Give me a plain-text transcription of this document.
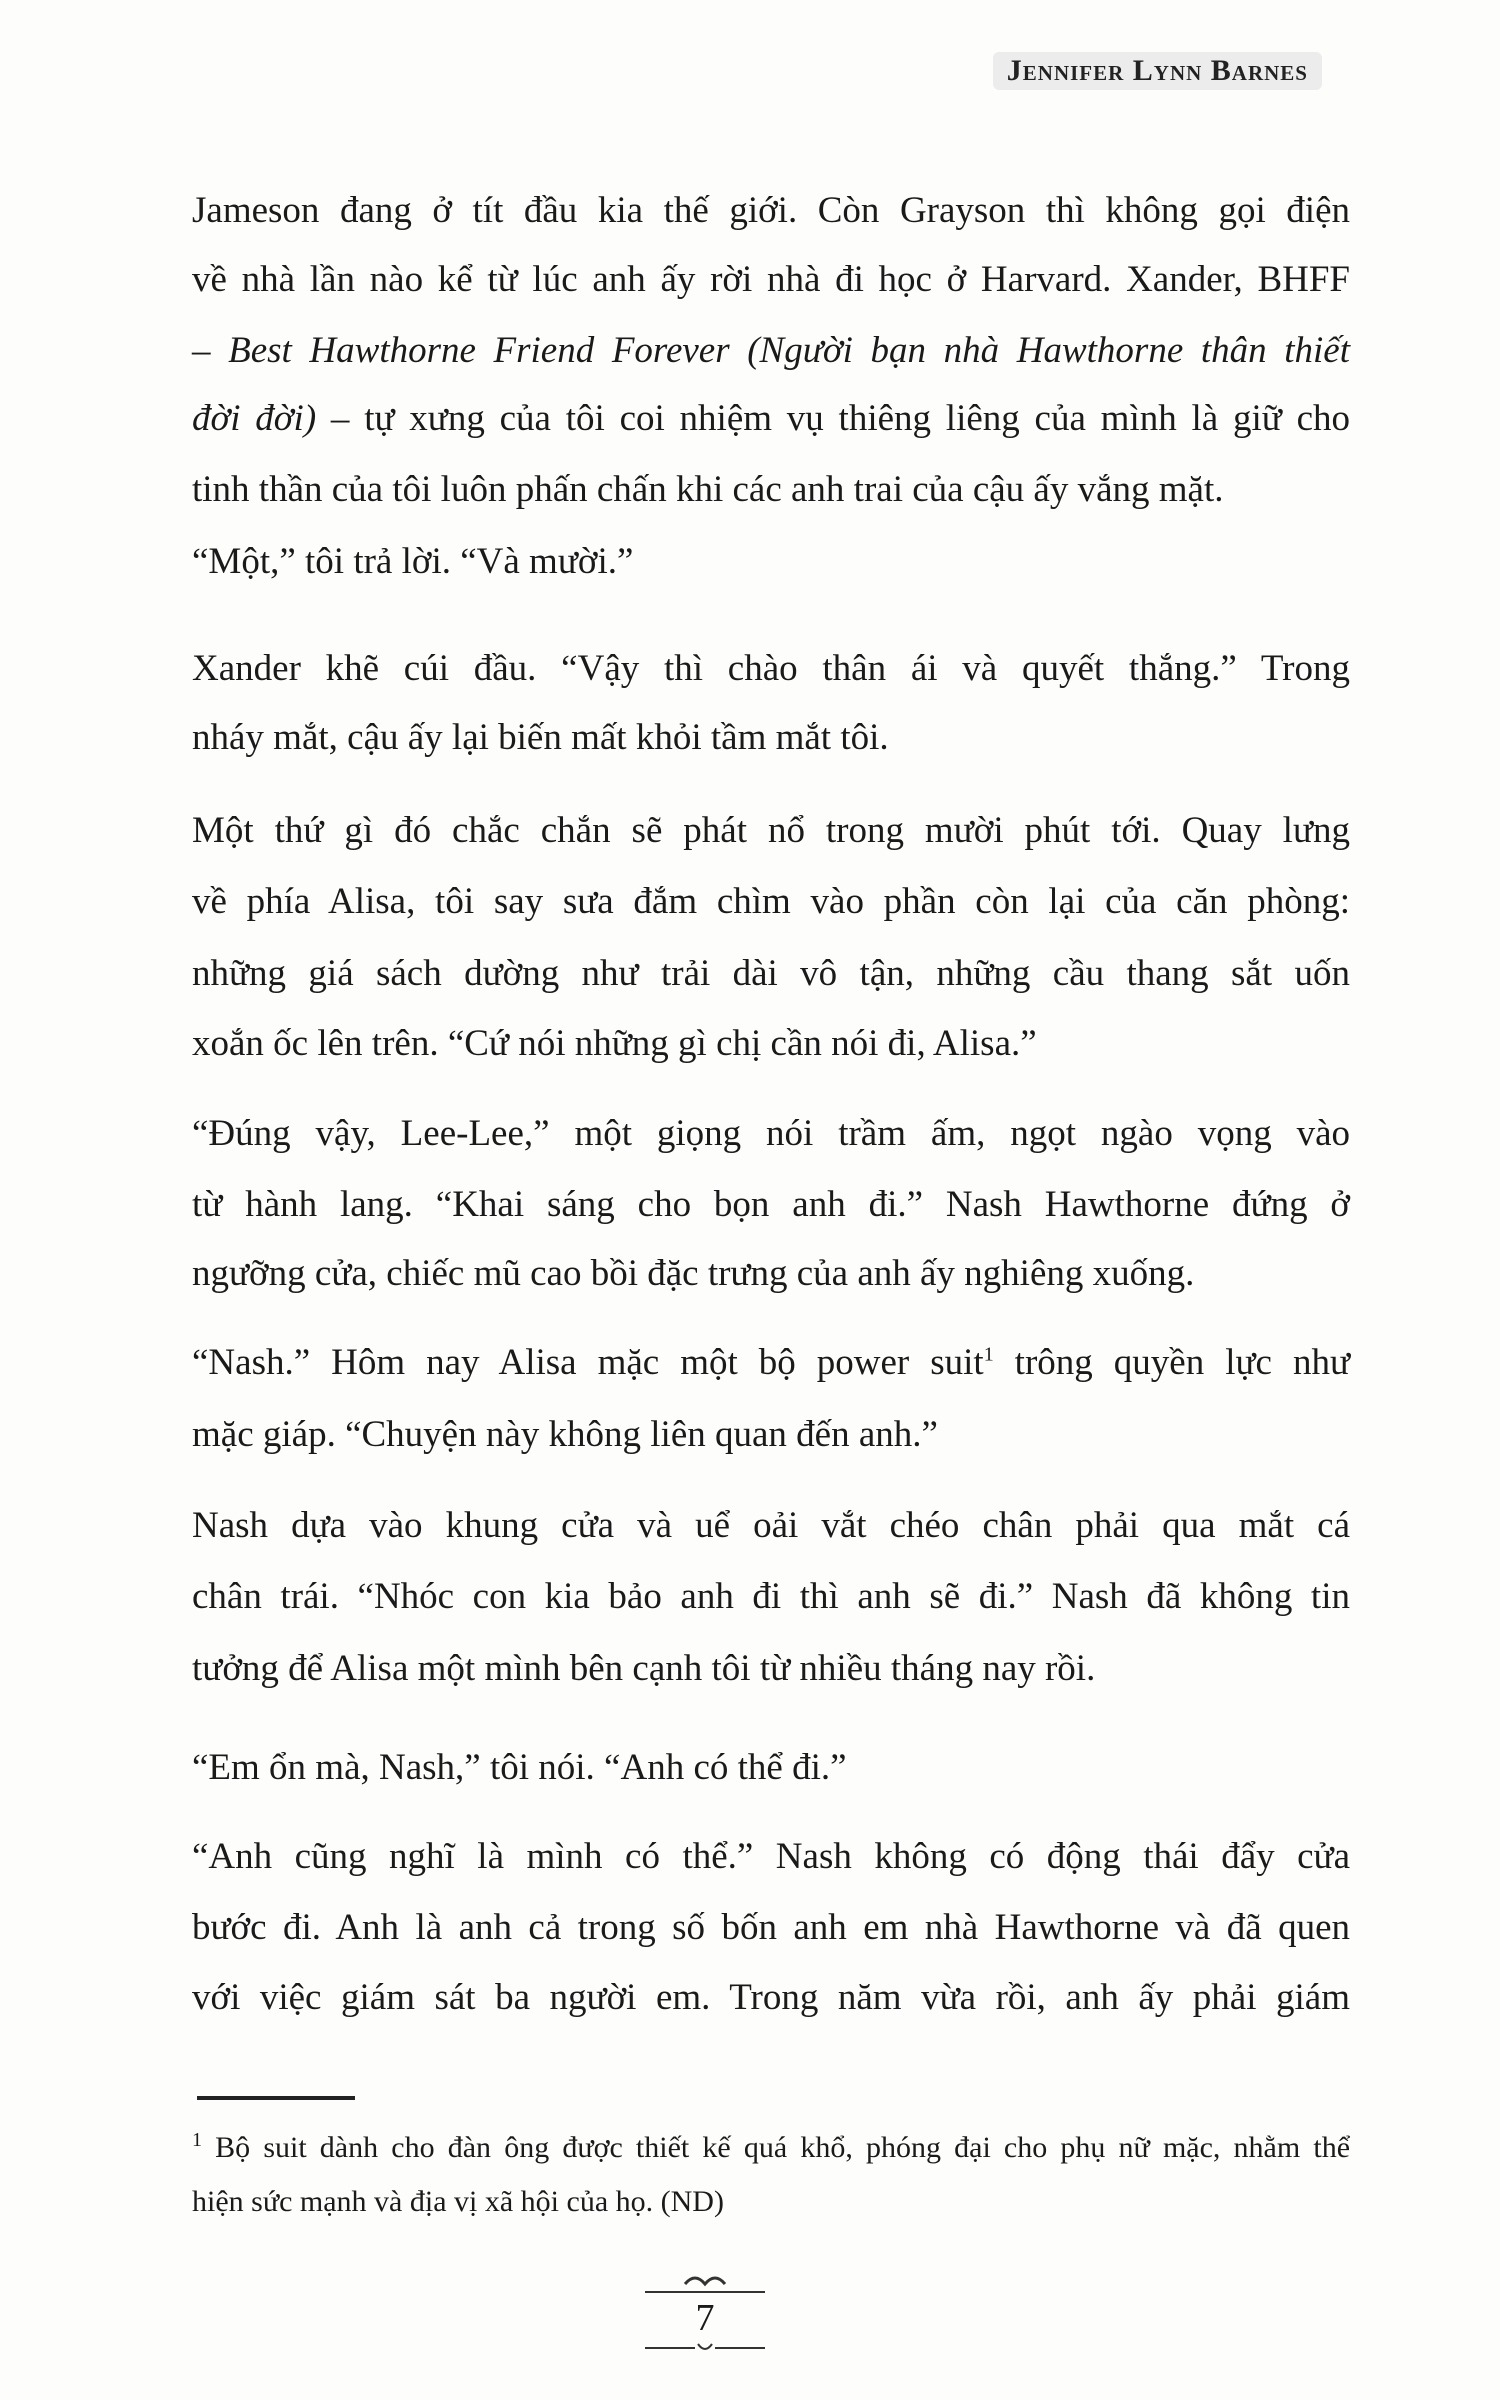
Jennifer Lynn Barnes
Jameson đang ở tít đầu kia thế giới. Còn Grayson thì không gọi điện
về nhà lần nào kể từ lúc anh ấy rời nhà đi học ở Harvard. Xander, BHFF
– Best Hawthorne Friend Forever (Người bạn nhà Hawthorne thân thiết
đời đời) – tự xưng của tôi coi nhiệm vụ thiêng liêng của mình là giữ cho
tinh thần của tôi luôn phấn chấn khi các anh trai của cậu ấy vắng mặt.
“Một,” tôi trả lời. “Và mười.”
Xander khẽ cúi đầu. “Vậy thì chào thân ái và quyết thắng.” Trong
nháy mắt, cậu ấy lại biến mất khỏi tầm mắt tôi.
Một thứ gì đó chắc chắn sẽ phát nổ trong mười phút tới. Quay lưng
về phía Alisa, tôi say sưa đắm chìm vào phần còn lại của căn phòng:
những giá sách dường như trải dài vô tận, những cầu thang sắt uốn
xoắn ốc lên trên. “Cứ nói những gì chị cần nói đi, Alisa.”
“Đúng vậy, Lee-Lee,” một giọng nói trầm ấm, ngọt ngào vọng vào
từ hành lang. “Khai sáng cho bọn anh đi.” Nash Hawthorne đứng ở
ngưỡng cửa, chiếc mũ cao bồi đặc trưng của anh ấy nghiêng xuống.
“Nash.” Hôm nay Alisa mặc một bộ power suit$^1$ trông quyền lực như
mặc giáp. “Chuyện này không liên quan đến anh.”
Nash dựa vào khung cửa và uể oải vắt chéo chân phải qua mắt cá
chân trái. “Nhóc con kia bảo anh đi thì anh sẽ đi.” Nash đã không tin
tưởng để Alisa một mình bên cạnh tôi từ nhiều tháng nay rồi.
“Em ổn mà, Nash,” tôi nói. “Anh có thể đi.”
“Anh cũng nghĩ là mình có thể.” Nash không có động thái đẩy cửa
bước đi. Anh là anh cả trong số bốn anh em nhà Hawthorne và đã quen
với việc giám sát ba người em. Trong năm vừa rồi, anh ấy phải giám
$^1$ Bộ suit dành cho đàn ông được thiết kế quá khổ, phóng đại cho phụ nữ mặc, nhằm thể
hiện sức mạnh và địa vị xã hội của họ. (ND)
7
